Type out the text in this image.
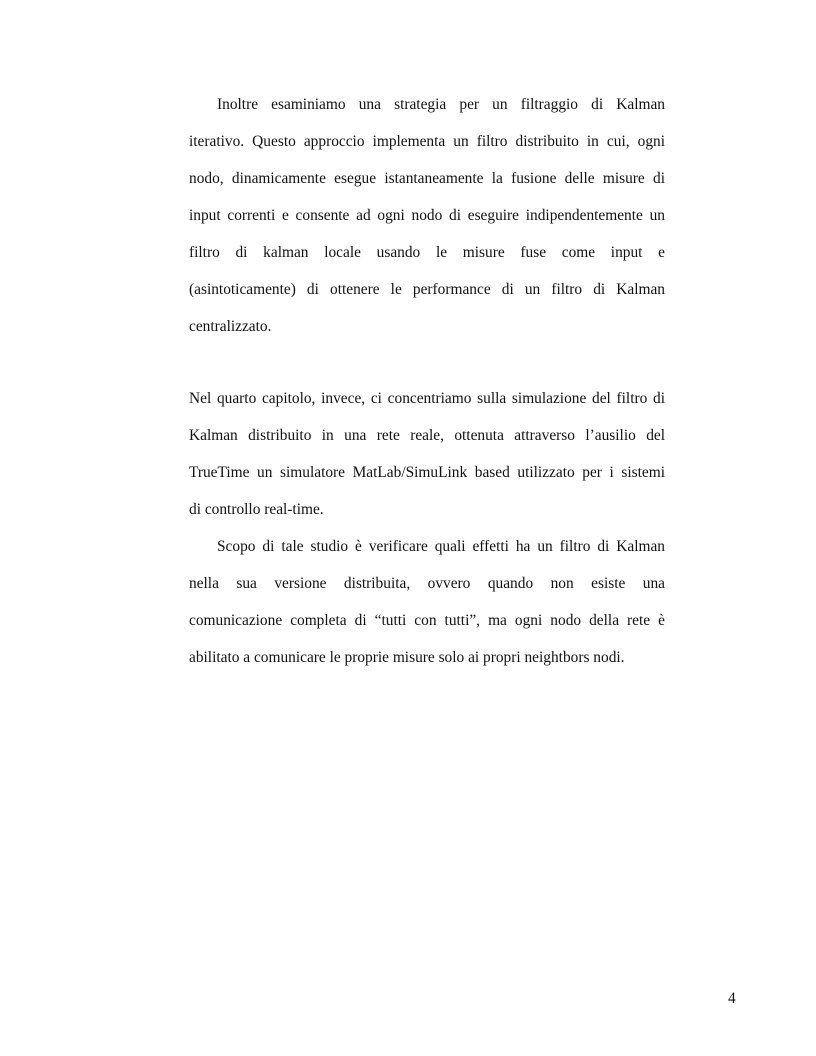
Inoltre esaminiamo una strategia per un filtraggio di Kalman
iterativo. Questo approccio implementa un filtro distribuito in cui, ogni
nodo, dinamicamente esegue istantaneamente la fusione delle misure di
input correnti e consente ad ogni nodo di eseguire indipendentemente un
filtro di kalman locale usando le misure fuse come input e
(asintoticamente) di ottenere le performance di un filtro di Kalman
centralizzato.
Nel quarto capitolo, invece, ci concentriamo sulla simulazione del filtro di
Kalman distribuito in una rete reale, ottenuta attraverso l’ausilio del
TrueTime un simulatore MatLab/SimuLink based utilizzato per i sistemi
di controllo real-time.
Scopo di tale studio è verificare quali effetti ha un filtro di Kalman
nella sua versione distribuita, ovvero quando non esiste una
comunicazione completa di “tutti con tutti”, ma ogni nodo della rete è
abilitato a comunicare le proprie misure solo ai propri neightbors nodi.
4
